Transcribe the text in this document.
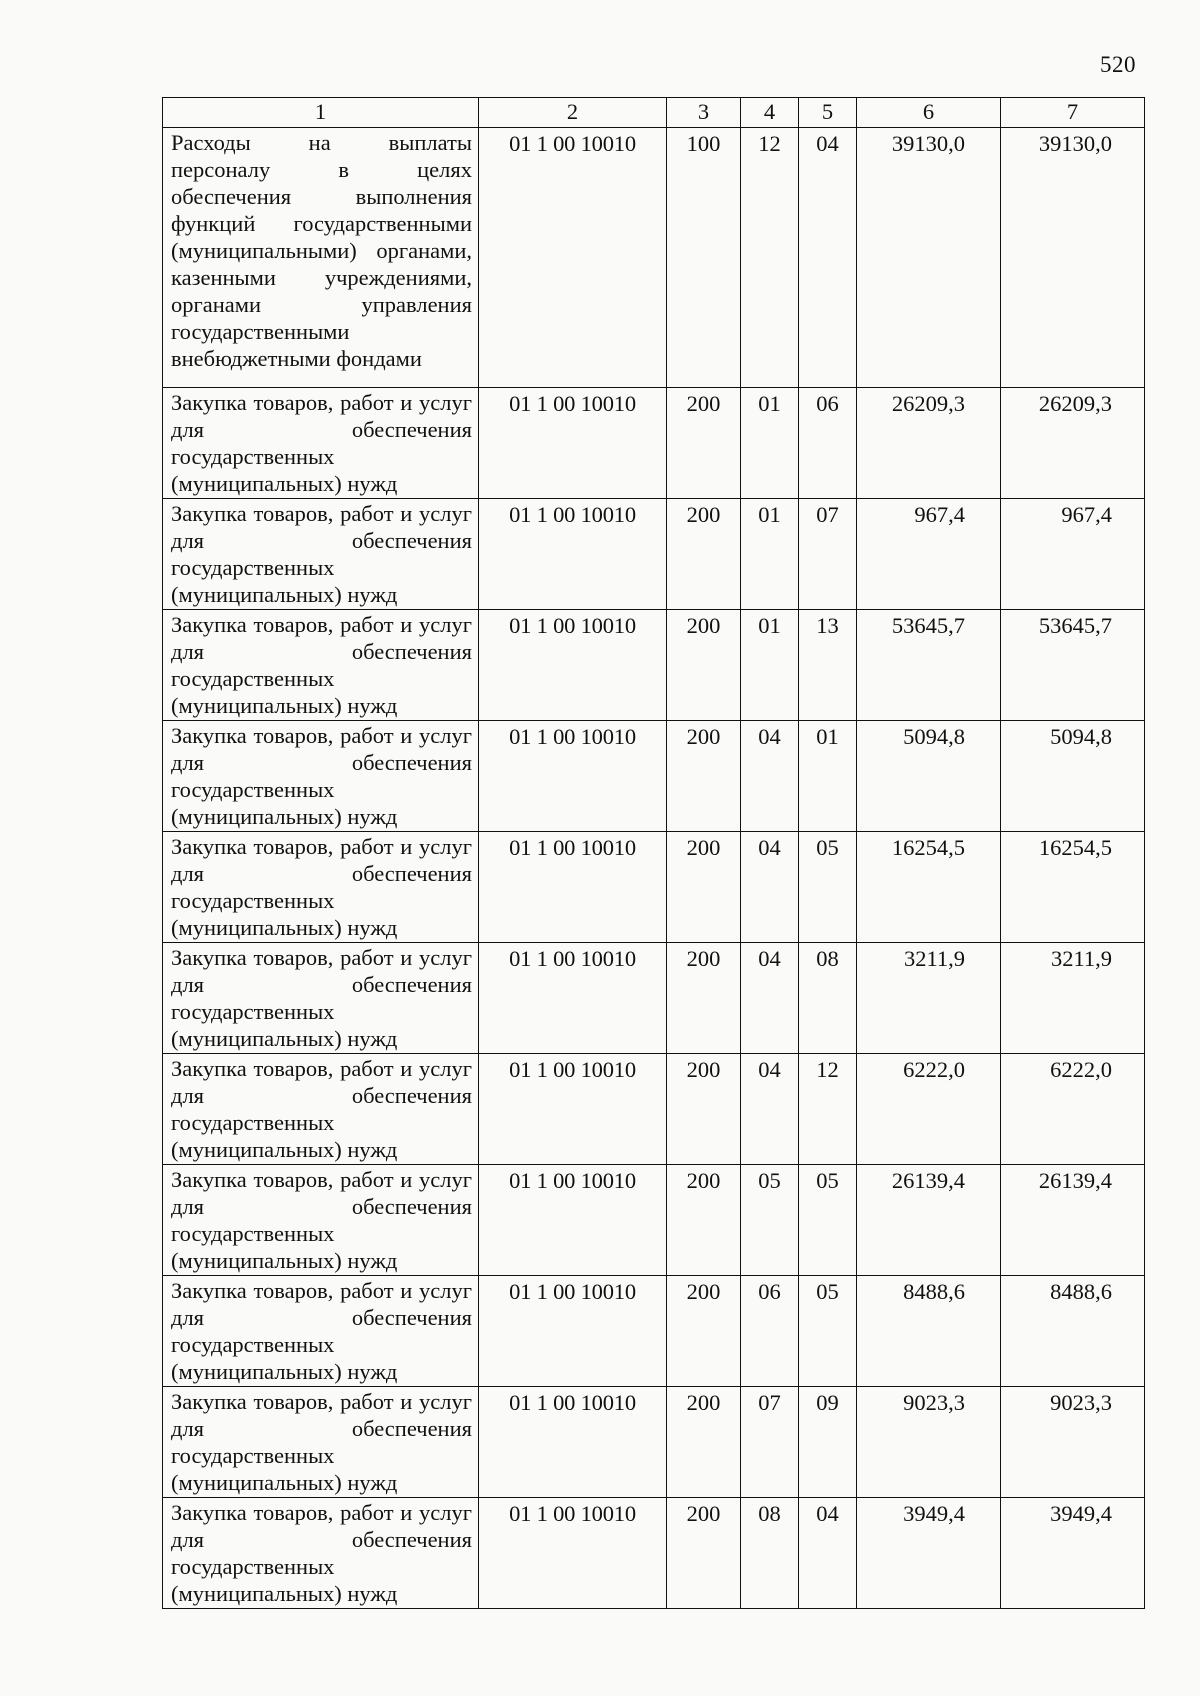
520
1	2	3	4	5	6	7
Расходы на выплаты персоналу в целях обеспечения выполнения функций государственными (муниципальными) органами, казенными учреждениями, органами управления государственными внебюджетными фондами	01 1 00 10010	100	12	04	39130,0	39130,0
Закупка товаров, работ и услуг для обеспечения государственных (муниципальных) нужд	01 1 00 10010	200	01	06	26209,3	26209,3
Закупка товаров, работ и услуг для обеспечения государственных (муниципальных) нужд	01 1 00 10010	200	01	07	967,4	967,4
Закупка товаров, работ и услуг для обеспечения государственных (муниципальных) нужд	01 1 00 10010	200	01	13	53645,7	53645,7
Закупка товаров, работ и услуг для обеспечения государственных (муниципальных) нужд	01 1 00 10010	200	04	01	5094,8	5094,8
Закупка товаров, работ и услуг для обеспечения государственных (муниципальных) нужд	01 1 00 10010	200	04	05	16254,5	16254,5
Закупка товаров, работ и услуг для обеспечения государственных (муниципальных) нужд	01 1 00 10010	200	04	08	3211,9	3211,9
Закупка товаров, работ и услуг для обеспечения государственных (муниципальных) нужд	01 1 00 10010	200	04	12	6222,0	6222,0
Закупка товаров, работ и услуг для обеспечения государственных (муниципальных) нужд	01 1 00 10010	200	05	05	26139,4	26139,4
Закупка товаров, работ и услуг для обеспечения государственных (муниципальных) нужд	01 1 00 10010	200	06	05	8488,6	8488,6
Закупка товаров, работ и услуг для обеспечения государственных (муниципальных) нужд	01 1 00 10010	200	07	09	9023,3	9023,3
Закупка товаров, работ и услуг для обеспечения государственных (муниципальных) нужд	01 1 00 10010	200	08	04	3949,4	3949,4
